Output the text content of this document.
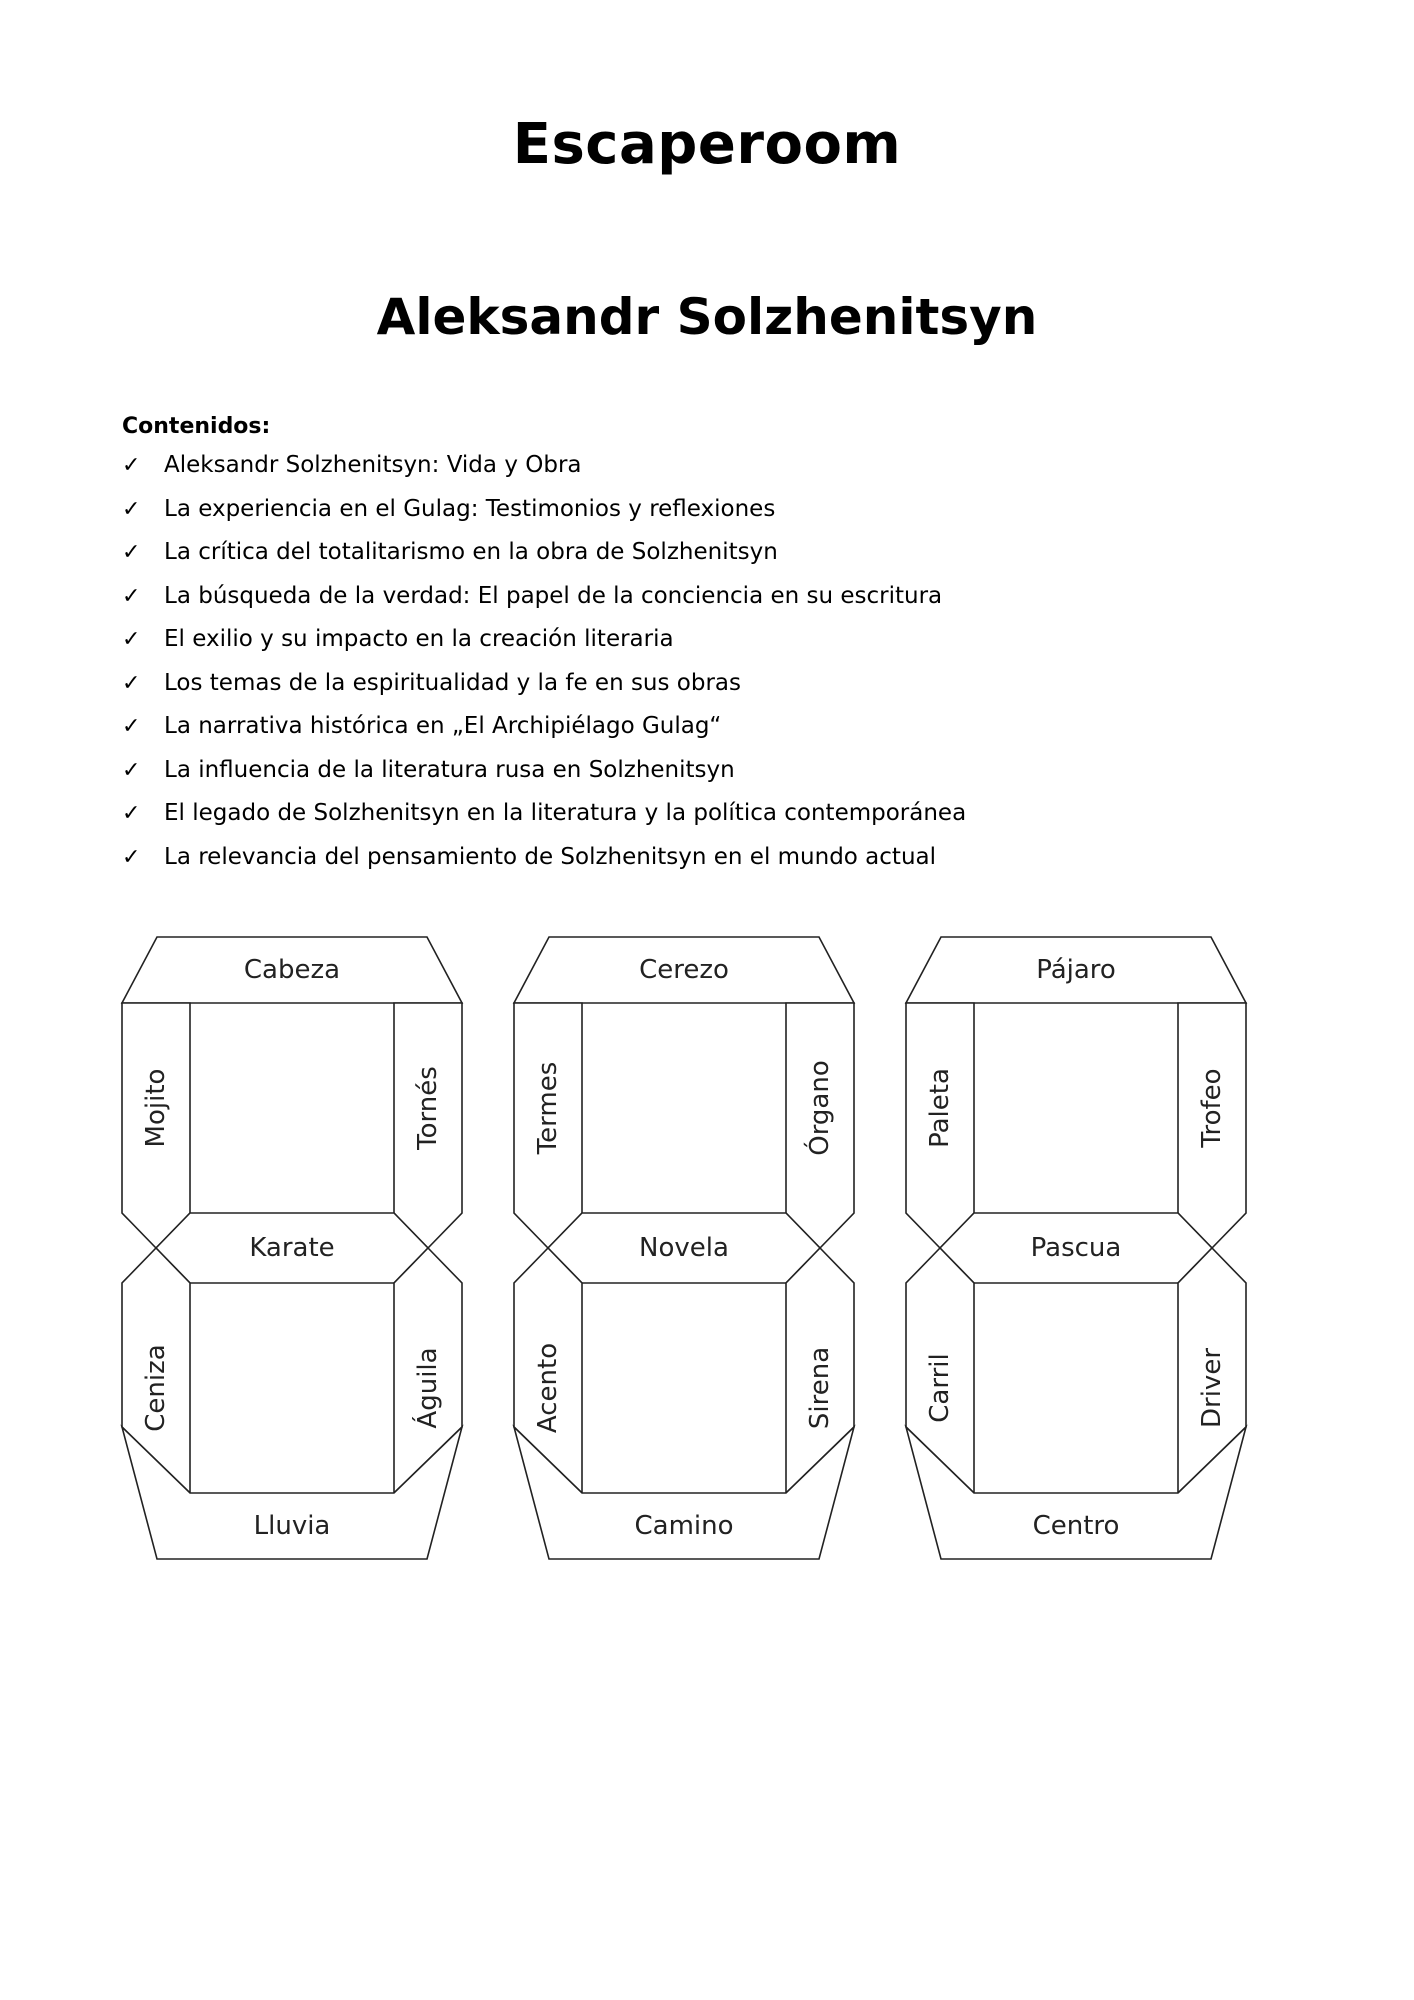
Escaperoom
Aleksandr Solzhenitsyn
Contenidos:
✓ Aleksandr Solzhenitsyn: Vida y Obra
✓ La experiencia en el Gulag: Testimonios y reflexiones
✓ La crítica del totalitarismo en la obra de Solzhenitsyn
✓ La búsqueda de la verdad: El papel de la conciencia en su escritura
✓ El exilio y su impacto en la creación literaria
✓ Los temas de la espiritualidad y la fe en sus obras
✓ La narrativa histórica en „El Archipiélago Gulag“
✓ La influencia de la literatura rusa en Solzhenitsyn
✓ El legado de Solzhenitsyn en la literatura y la política contemporánea
✓ La relevancia del pensamiento de Solzhenitsyn en el mundo actual
Cabeza
Mojito	Tornés
Karate
Ceniza	Águila
Lluvia
Cerezo
Termes	Órgano
Novela
Acento	Sirena
Camino
Pájaro
Paleta	Trofeo
Pascua
Carril	Driver
Centro
